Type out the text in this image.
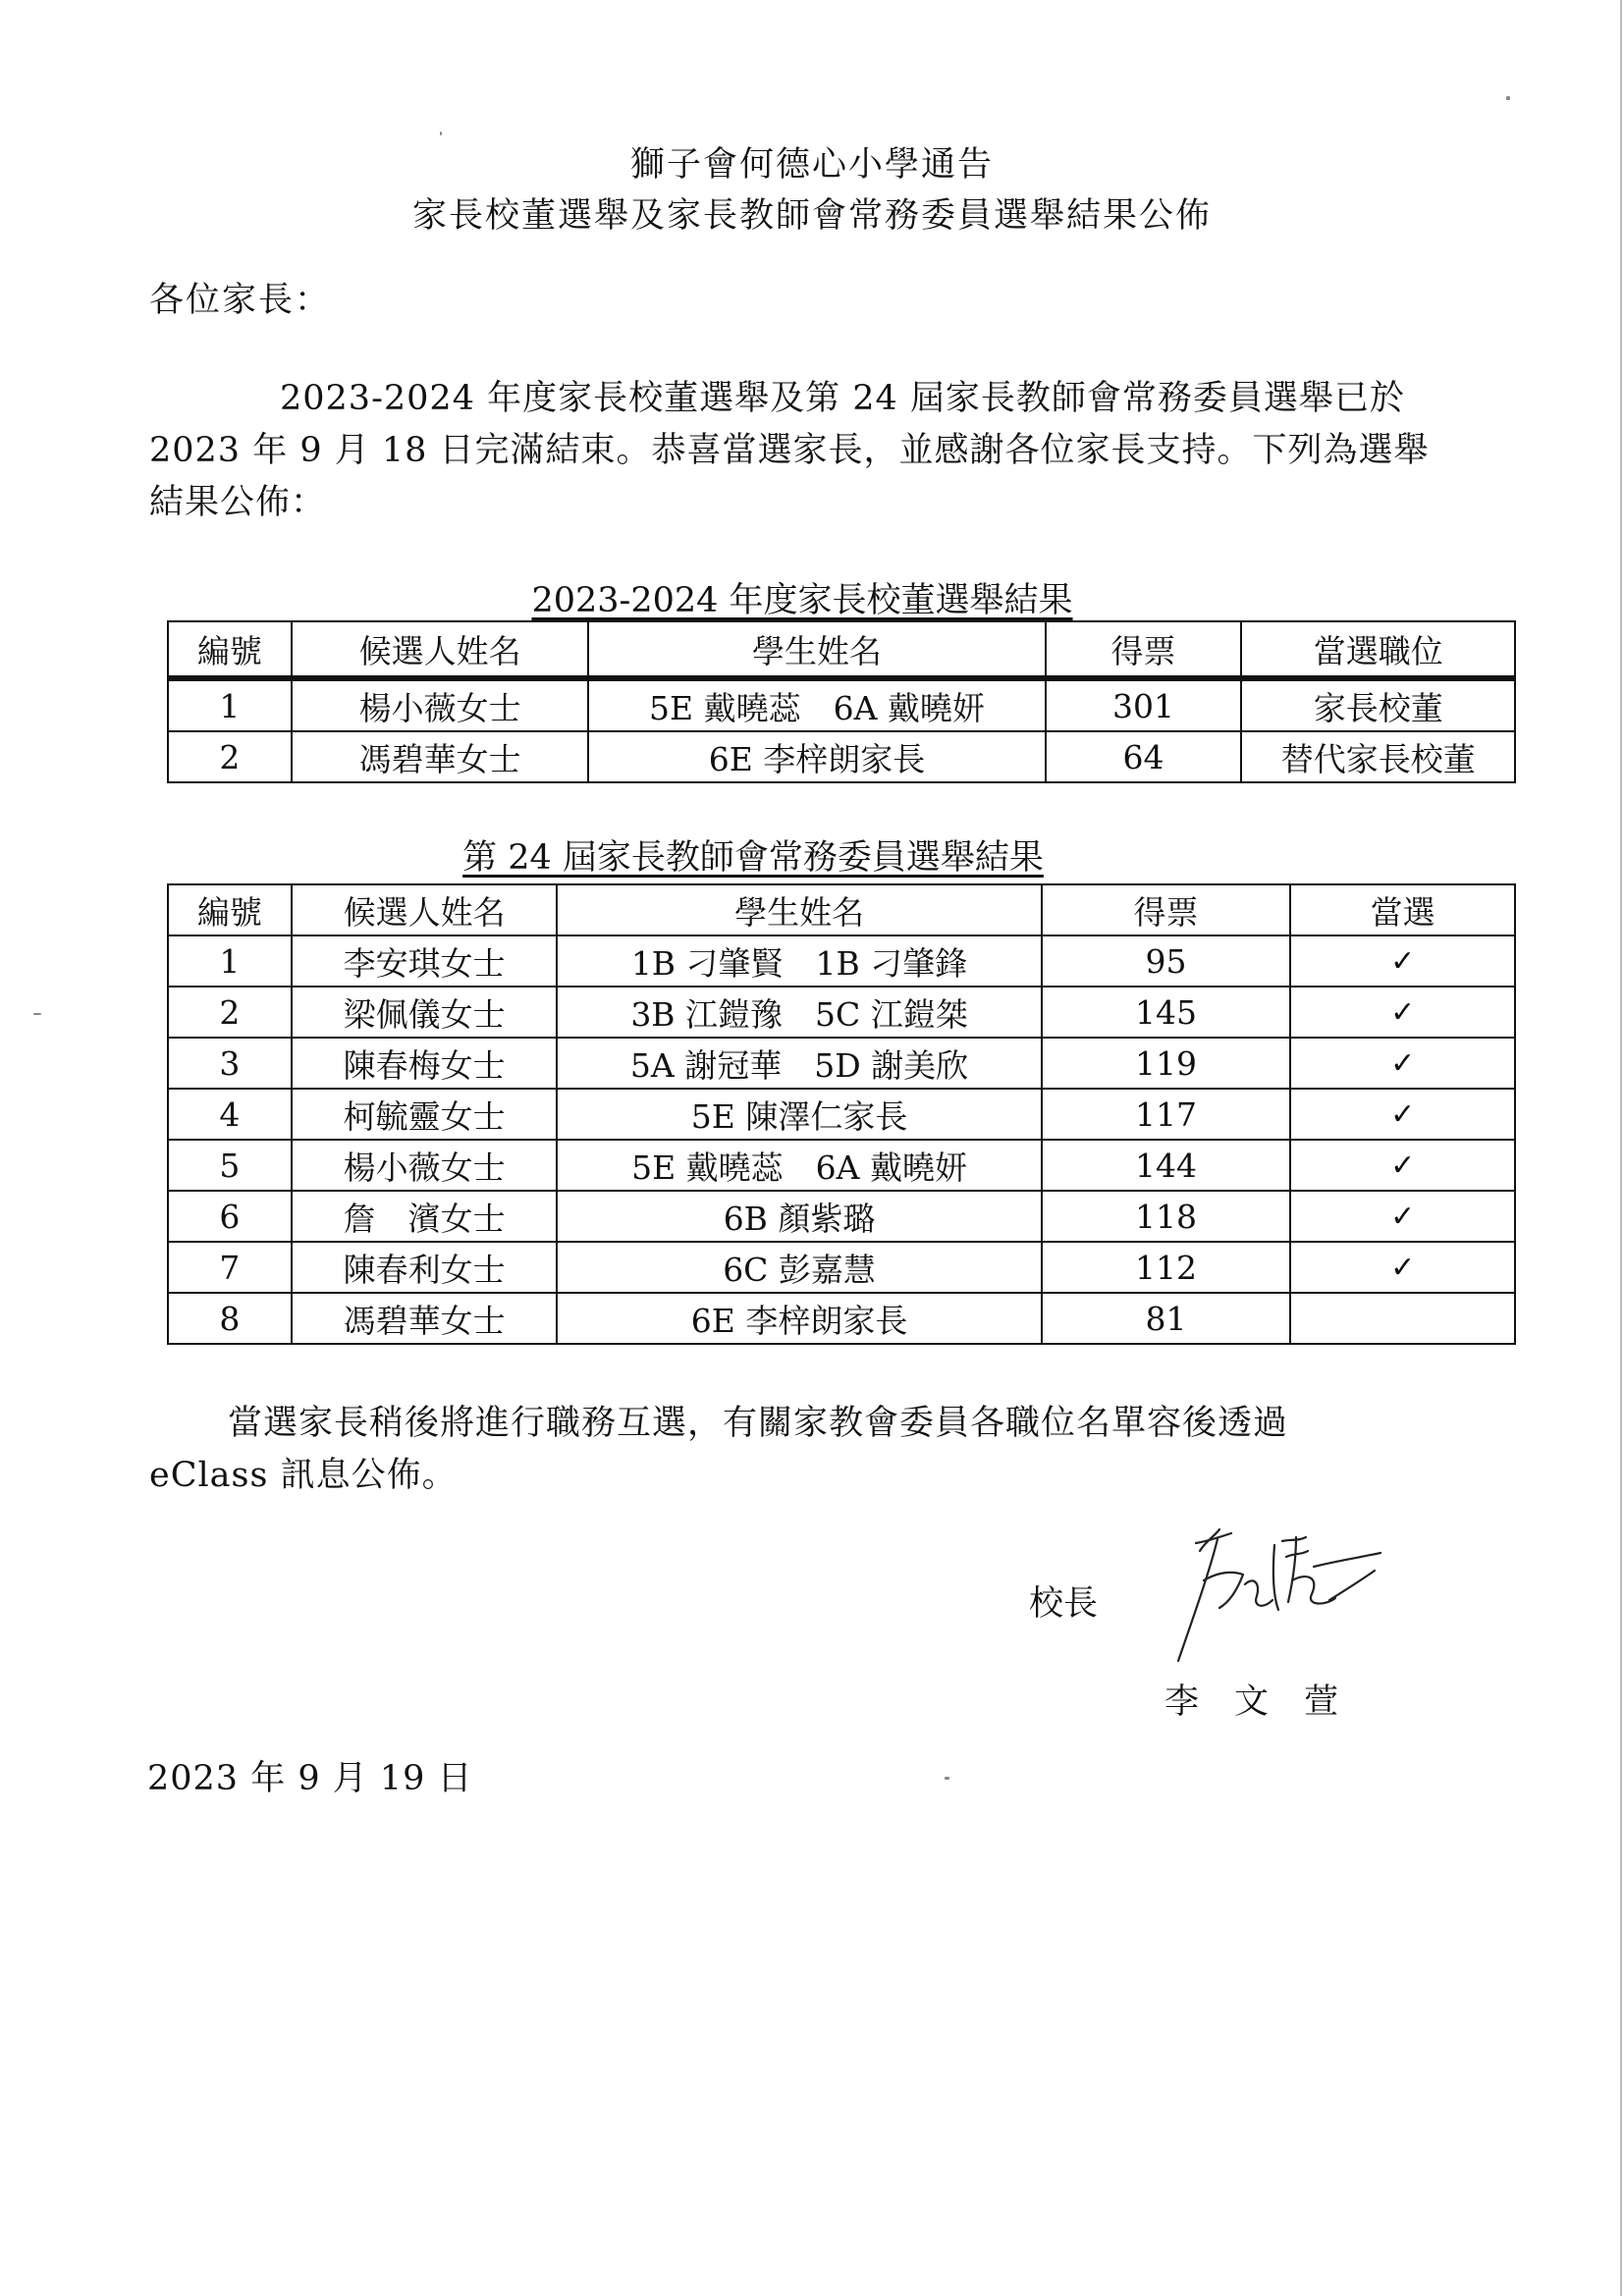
獅子會何德心小學通告
家長校董選舉及家長教師會常務委員選舉結果公佈
各位家長：
2023-2024 年度家長校董選舉及第 24 屆家長教師會常務委員選舉已於
2023 年 9 月 18 日完滿結束。恭喜當選家長，並感謝各位家長支持。下列為選舉
結果公佈：
2023-2024 年度家長校董選舉結果
編號	候選人姓名	學生姓名	得票	當選職位
1	楊小薇女士	5E 戴曉蕊　6A 戴曉妍	301	家長校董
2	馮碧華女士	6E 李梓朗家長	64	替代家長校董
第 24 屆家長教師會常務委員選舉結果
編號	候選人姓名	學生姓名	得票	當選
1	李安琪女士	1B 刁肇賢　1B 刁肇鋒	95	✓
2	梁佩儀女士	3B 江鎧豫　5C 江鎧桀	145	✓
3	陳春梅女士	5A 謝冠華　5D 謝美欣	119	✓
4	柯毓靈女士	5E 陳澤仁家長	117	✓
5	楊小薇女士	5E 戴曉蕊　6A 戴曉妍	144	✓
6	詹　濱女士	6B 顏紫璐	118	✓
7	陳春利女士	6C 彭嘉慧	112	✓
8	馮碧華女士	6E 李梓朗家長	81	
當選家長稍後將進行職務互選，有關家教會委員各職位名單容後透過
eClass 訊息公佈。
校長
李文萱
2023 年 9 月 19 日
